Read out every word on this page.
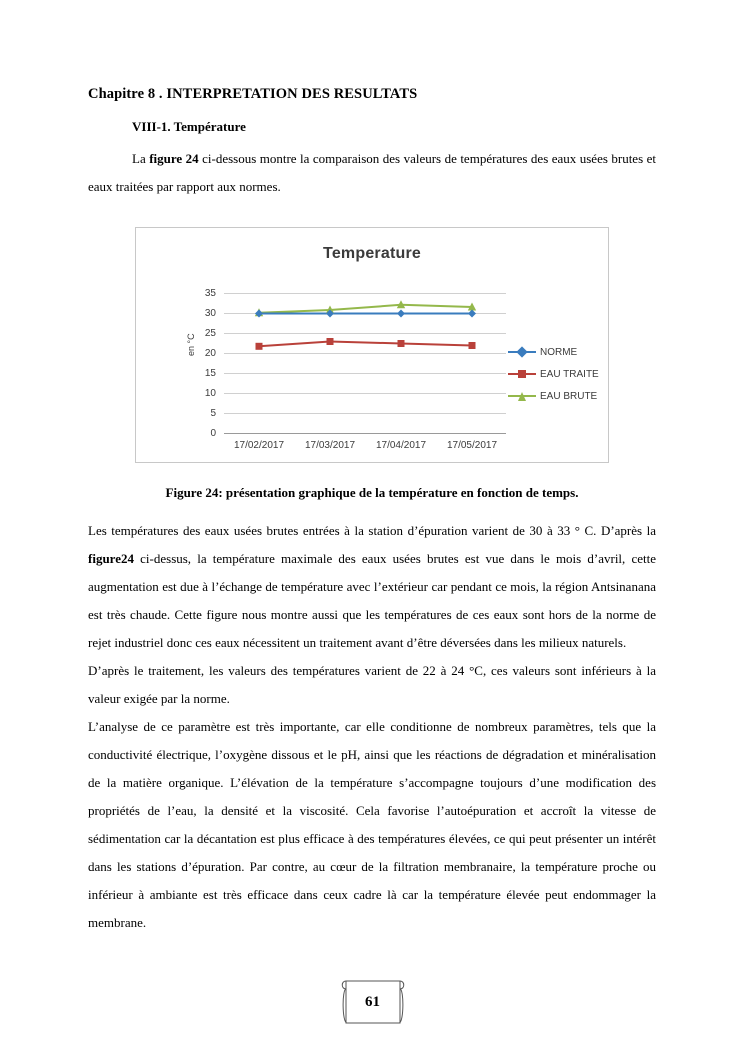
Chapitre 8 . INTERPRETATION DES RESULTATS
VIII-1. Température

La figure 24 ci-dessous montre la comparaison des valeurs de températures des eaux usées brutes et eaux traitées par rapport aux normes.

Temperature
en °C
35
30
25
20
15
10
5
0
17/02/2017	17/03/2017	17/04/2017	17/05/2017
NORME
EAU TRAITE
EAU BRUTE
Figure 24: présentation graphique de la température en fonction de temps.

Les températures des eaux usées brutes entrées à la station d’épuration varient de 30 à 33 ° C. D’après la figure24 ci-dessus, la température maximale des eaux usées brutes est vue dans le mois d’avril, cette augmentation est due à l’échange de température avec l’extérieur car pendant ce mois, la région Antsinanana est très chaude. Cette figure nous montre aussi que les températures de ces eaux sont hors de la norme de rejet industriel donc ces eaux nécessitent un traitement avant d’être déversées dans les milieux naturels.

D’après le traitement, les valeurs des températures varient de 22 à 24 °C, ces valeurs sont inférieurs à la valeur exigée par la norme.

L’analyse de ce paramètre est très importante, car elle conditionne de nombreux paramètres, tels que la conductivité électrique, l’oxygène dissous et le pH, ainsi que les réactions de dégradation et minéralisation de la matière organique. L’élévation de la température s’accompagne toujours d’une modification des propriétés de l’eau, la densité et la viscosité. Cela favorise l’autoépuration et accroît la vitesse de sédimentation car la décantation est plus efficace à des températures élevées, ce qui peut présenter un intérêt dans les stations d’épuration. Par contre, au cœur de la filtration membranaire, la température proche ou inférieur à ambiante est très efficace dans ceux cadre là car la température élevée peut endommager la membrane.

61
